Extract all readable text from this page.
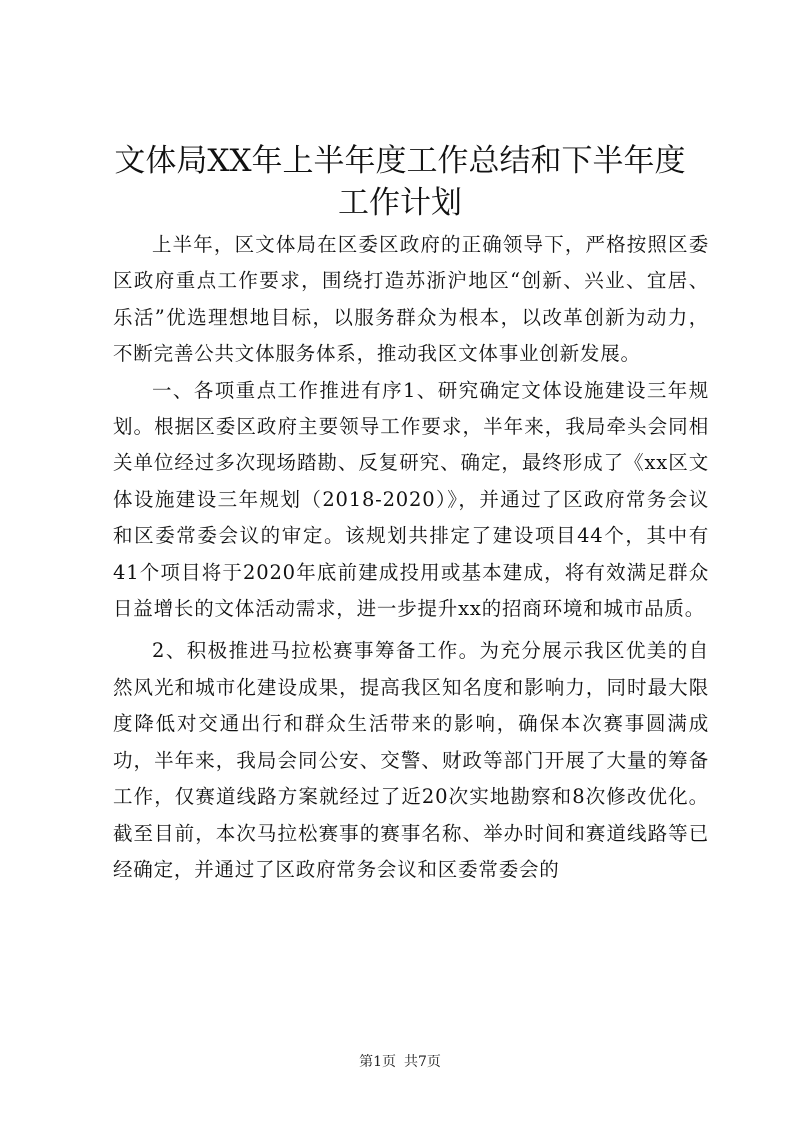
文体局XX年上半年度工作总结和下半年度工作计划

上半年，区文体局在区委区政府的正确领导下，严格按照区委区政府重点工作要求，围绕打造苏浙沪地区“创新、兴业、宜居、乐活”优选理想地目标，以服务群众为根本，以改革创新为动力，不断完善公共文体服务体系，推动我区文体事业创新发展。

一、各项重点工作推进有序1、研究确定文体设施建设三年规划。根据区委区政府主要领导工作要求，半年来，我局牵头会同相关单位经过多次现场踏勘、反复研究、确定，最终形成了《xx区文体设施建设三年规划（2018-2020）》，并通过了区政府常务会议和区委常委会议的审定。该规划共排定了建设项目44个，其中有41个项目将于2020年底前建成投用或基本建成，将有效满足群众日益增长的文体活动需求，进一步提升xx的招商环境和城市品质。

2、积极推进马拉松赛事筹备工作。为充分展示我区优美的自然风光和城市化建设成果，提高我区知名度和影响力，同时最大限度降低对交通出行和群众生活带来的影响，确保本次赛事圆满成功，半年来，我局会同公安、交警、财政等部门开展了大量的筹备工作，仅赛道线路方案就经过了近20次实地勘察和8次修改优化。截至目前，本次马拉松赛事的赛事名称、举办时间和赛道线路等已经确定，并通过了区政府常务会议和区委常委会的

第1页 共7页
